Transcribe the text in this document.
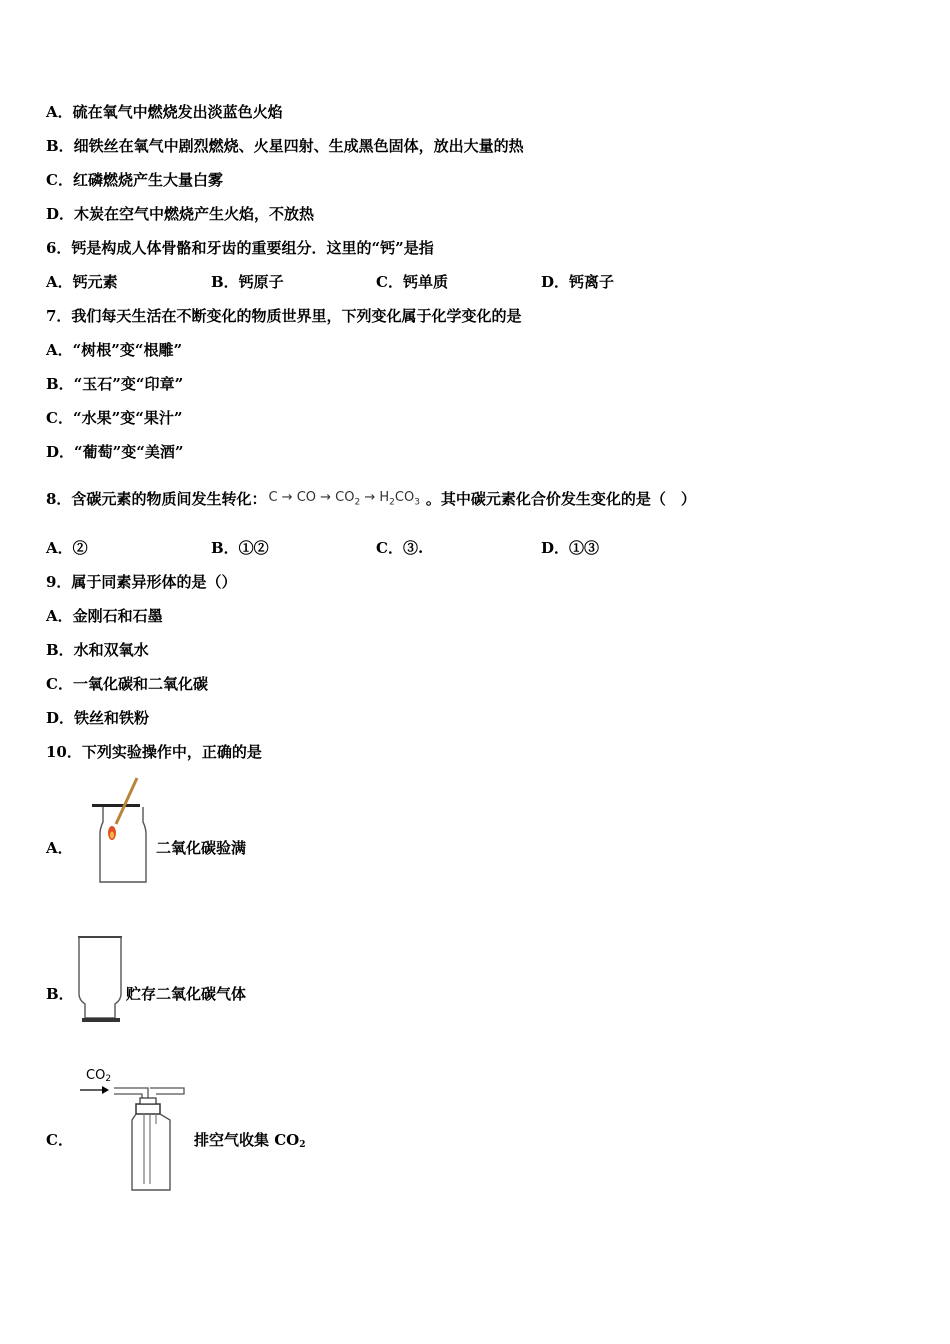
A．硫在氧气中燃烧发出淡蓝色火焰
B．细铁丝在氧气中剧烈燃烧、火星四射、生成黑色固体，放出大量的热
C．红磷燃烧产生大量白雾
D．木炭在空气中燃烧产生火焰，不放热
6．钙是构成人体骨骼和牙齿的重要组分．这里的“钙”是指
A．钙元素	B．钙原子	C．钙单质	D．钙离子
7．我们每天生活在不断变化的物质世界里，下列变化属于化学变化的是
A．“树根”变“根雕”
B．“玉石”变“印章”
C．“水果”变“果汁”
D．“葡萄”变“美酒”
8．含碳元素的物质间发生转化： C → CO → $CO_2 \to H_2CO_3$ 。其中碳元素化合价发生变化的是（　）
A．②	B．①②	C．③.	D．①③
9．属于同素异形体的是（）
A．金刚石和石墨
B．水和双氧水
C．一氧化碳和二氧化碳
D．铁丝和铁粉
10．下列实验操作中，正确的是
A．	二氧化碳验满
B．	贮存二氧化碳气体
C．
$CO_2$
排空气收集 $CO_2$
